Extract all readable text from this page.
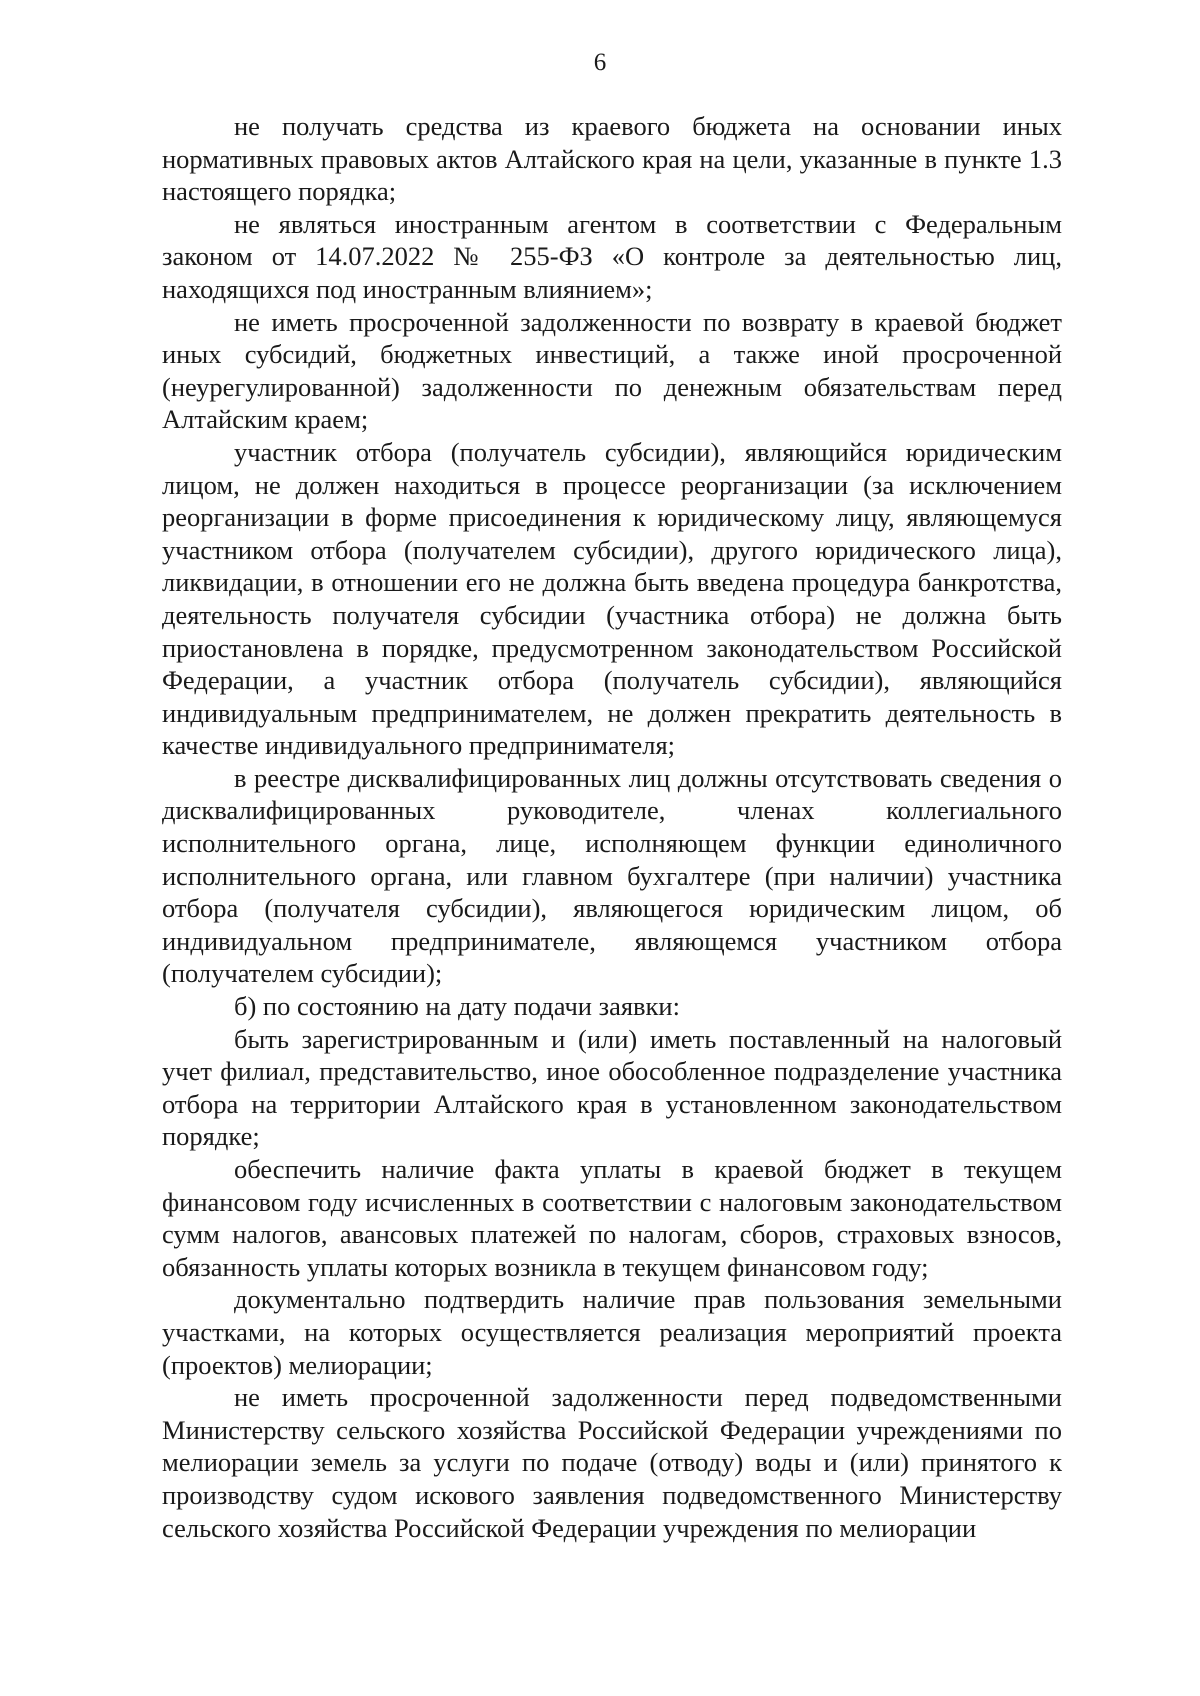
6

не получать средства из краевого бюджета на основании иных нормативных правовых актов Алтайского края на цели, указанные в пункте 1.3 настоящего порядка;

не являться иностранным агентом в соответствии с Федеральным законом от 14.07.2022 № 255-ФЗ «О контроле за деятельностью лиц, находящихся под иностранным влиянием»;

не иметь просроченной задолженности по возврату в краевой бюджет иных субсидий, бюджетных инвестиций, а также иной просроченной (неурегулированной) задолженности по денежным обязательствам перед Алтайским краем;

участник отбора (получатель субсидии), являющийся юридическим лицом, не должен находиться в процессе реорганизации (за исключением реорганизации в форме присоединения к юридическому лицу, являющемуся участником отбора (получателем субсидии), другого юридического лица), ликвидации, в отношении его не должна быть введена процедура банкротства, деятельность получателя субсидии (участника отбора) не должна быть приостановлена в порядке, предусмотренном законодательством Российской Федерации, а участник отбора (получатель субсидии), являющийся индивидуальным предпринимателем, не должен прекратить деятельность в качестве индивидуального предпринимателя;

в реестре дисквалифицированных лиц должны отсутствовать сведения о дисквалифицированных руководителе, членах коллегиального исполнительного органа, лице, исполняющем функции единоличного исполнительного органа, или главном бухгалтере (при наличии) участника отбора (получателя субсидии), являющегося юридическим лицом, об индивидуальном предпринимателе, являющемся участником отбора (получателем субсидии);

б) по состоянию на дату подачи заявки:

быть зарегистрированным и (или) иметь поставленный на налоговый учет филиал, представительство, иное обособленное подразделение участника отбора на территории Алтайского края в установленном законодательством порядке;

обеспечить наличие факта уплаты в краевой бюджет в текущем финансовом году исчисленных в соответствии с налоговым законодательством сумм налогов, авансовых платежей по налогам, сборов, страховых взносов, обязанность уплаты которых возникла в текущем финансовом году;

документально подтвердить наличие прав пользования земельными участками, на которых осуществляется реализация мероприятий проекта (проектов) мелиорации;

не иметь просроченной задолженности перед подведомственными Министерству сельского хозяйства Российской Федерации учреждениями по мелиорации земель за услуги по подаче (отводу) воды и (или) принятого к производству судом искового заявления подведомственного Министерству сельского хозяйства Российской Федерации учреждения по мелиорации
